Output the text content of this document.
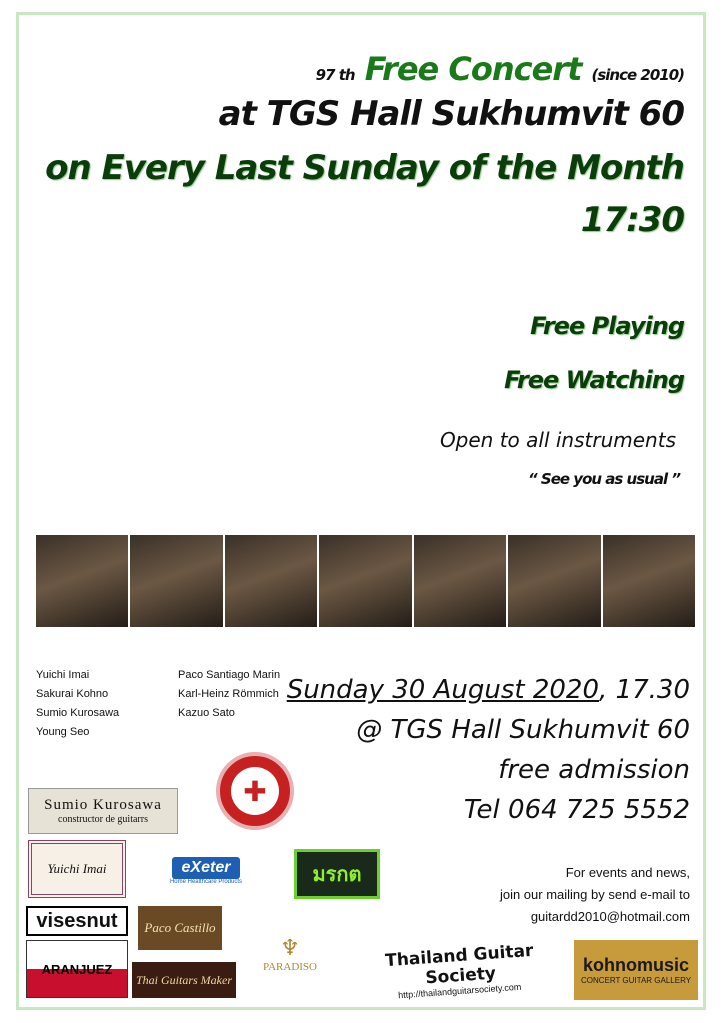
97 th Free Concert (since 2010)
at TGS Hall Sukhumvit 60
on Every Last Sunday of the Month
17:30
Free Playing
Free Watching
Open to all instruments
“ See you as usual ”
Yuichi Imai
Sakurai Kohno
Sumio Kurosawa
Young Seo
Paco Santiago Marin
Karl-Heinz Römmich
Kazuo Sato
Sunday 30 August 2020, 17.30
@ TGS Hall Sukhumvit 60
free admission
Tel 064 725 5552
✚
Sumio Kurosawa
constructor de guitarrs
Yuichi Imai	eXeter
Home Healthcare Products	มรกต	For events and news,
join our mailing by send e-mail to
guitardd2010@hotmail.com
visesnut	Paco Castillo
♆
PARADISO
ARANJUEZ
Thai Guitars Maker
Thailand Guitar Society
http://thailandguitarsociety.com
kohnomusic
CONCERT GUITAR GALLERY
